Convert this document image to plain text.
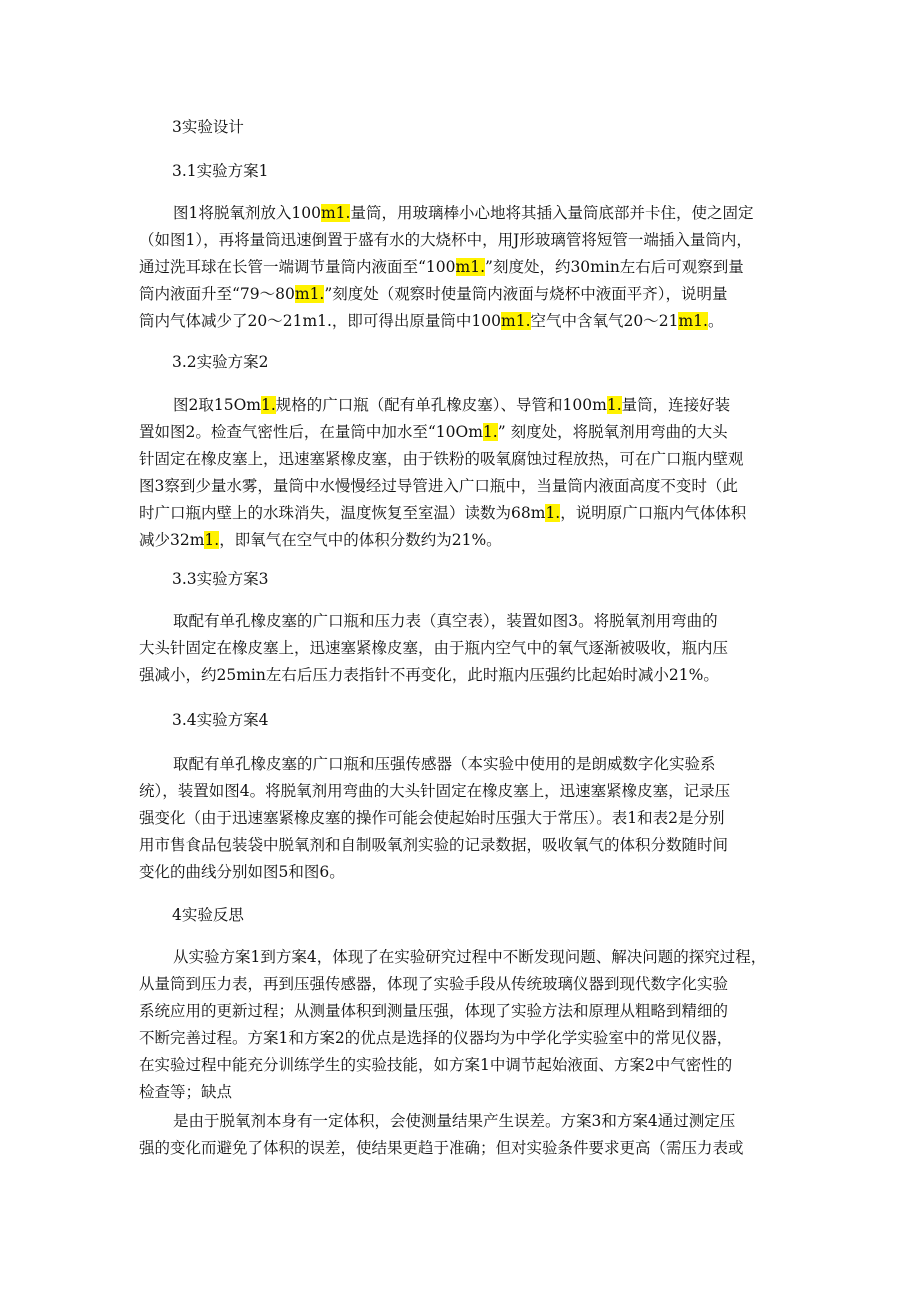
3实验设计
3.1实验方案1
图1将脱氧剂放入100m1.量筒，用玻璃棒小心地将其插入量筒底部并卡住，使之固定
（如图1），再将量筒迅速倒置于盛有水的大烧杯中，用J形玻璃管将短管一端插入量筒内，
通过洗耳球在长管一端调节量筒内液面至“100m1.”刻度处，约30min左右后可观察到量
筒内液面升至“79～80m1.”刻度处（观察时使量筒内液面与烧杯中液面平齐），说明量
筒内气体减少了20～21m1.，即可得出原量筒中100m1.空气中含氧气20～21m1.。
3.2实验方案2
图2取15Om1.规格的广口瓶（配有单孔橡皮塞）、导管和100m1.量筒，连接好装
置如图2。检查气密性后，在量筒中加水至“10Om1.” 刻度处，将脱氧剂用弯曲的大头
针固定在橡皮塞上，迅速塞紧橡皮塞，由于铁粉的吸氧腐蚀过程放热，可在广口瓶内壁观
图3察到少量水雾，量筒中水慢慢经过导管进入广口瓶中，当量筒内液面高度不变时（此
时广口瓶内壁上的水珠消失，温度恢复至室温）读数为68m1.，说明原广口瓶内气体体积
减少32m1.，即氧气在空气中的体积分数约为21%。
3.3实验方案3
取配有单孔橡皮塞的广口瓶和压力表（真空表），装置如图3。将脱氧剂用弯曲的
大头针固定在橡皮塞上，迅速塞紧橡皮塞，由于瓶内空气中的氧气逐渐被吸收，瓶内压
强减小，约25min左右后压力表指针不再变化，此时瓶内压强约比起始时减小21%。
3.4实验方案4
取配有单孔橡皮塞的广口瓶和压强传感器（本实验中使用的是朗威数字化实验系
统），装置如图4。将脱氧剂用弯曲的大头针固定在橡皮塞上，迅速塞紧橡皮塞，记录压
强变化（由于迅速塞紧橡皮塞的操作可能会使起始时压强大于常压）。表1和表2是分别
用市售食品包装袋中脱氧剂和自制吸氧剂实验的记录数据，吸收氧气的体积分数随时间
变化的曲线分别如图5和图6。
4实验反思
从实验方案1到方案4，体现了在实验研究过程中不断发现问题、解决问题的探究过程，
从量筒到压力表，再到压强传感器，体现了实验手段从传统玻璃仪器到现代数字化实验
系统应用的更新过程；从测量体积到测量压强，体现了实验方法和原理从粗略到精细的
不断完善过程。方案1和方案2的优点是选择的仪器均为中学化学实验室中的常见仪器，
在实验过程中能充分训练学生的实验技能，如方案1中调节起始液面、方案2中气密性的
检查等；缺点
是由于脱氧剂本身有一定体积，会使测量结果产生误差。方案3和方案4通过测定压
强的变化而避免了体积的误差，使结果更趋于准确；但对实验条件要求更高（需压力表或
